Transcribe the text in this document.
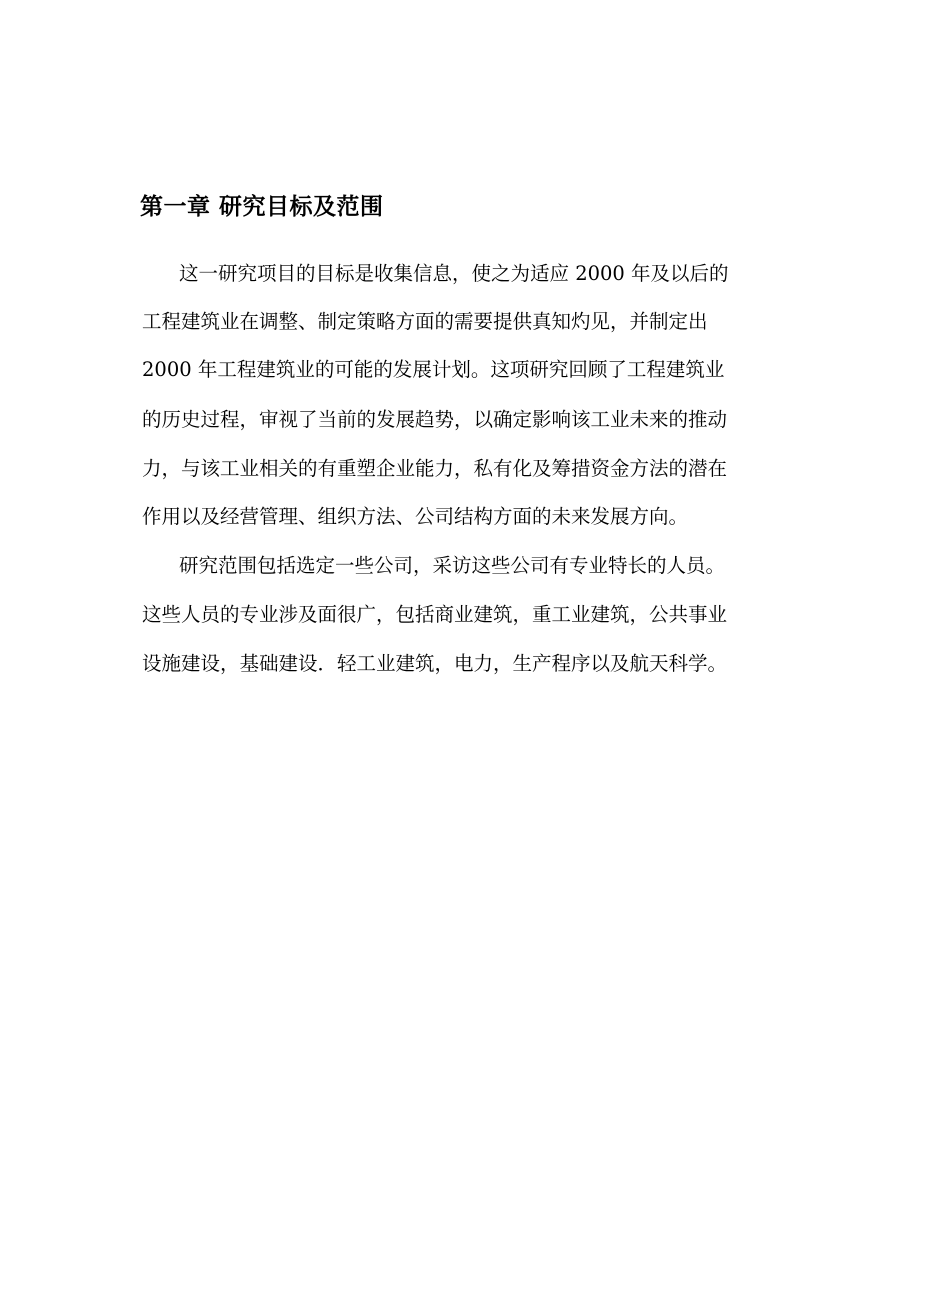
第一章 研究目标及范围

这一研究项目的目标是收集信息，使之为适应 2000 年及以后的

工程建筑业在调整、制定策略方面的需要提供真知灼见，并制定出

2000 年工程建筑业的可能的发展计划。这项研究回顾了工程建筑业

的历史过程，审视了当前的发展趋势，以确定影响该工业未来的推动

力，与该工业相关的有重塑企业能力，私有化及筹措资金方法的潜在

作用以及经营管理、组织方法、公司结构方面的未来发展方向。

研究范围包括选定一些公司，采访这些公司有专业特长的人员。

这些人员的专业涉及面很广，包括商业建筑，重工业建筑，公共事业

设施建设，基础建设．轻工业建筑，电力，生产程序以及航天科学。
